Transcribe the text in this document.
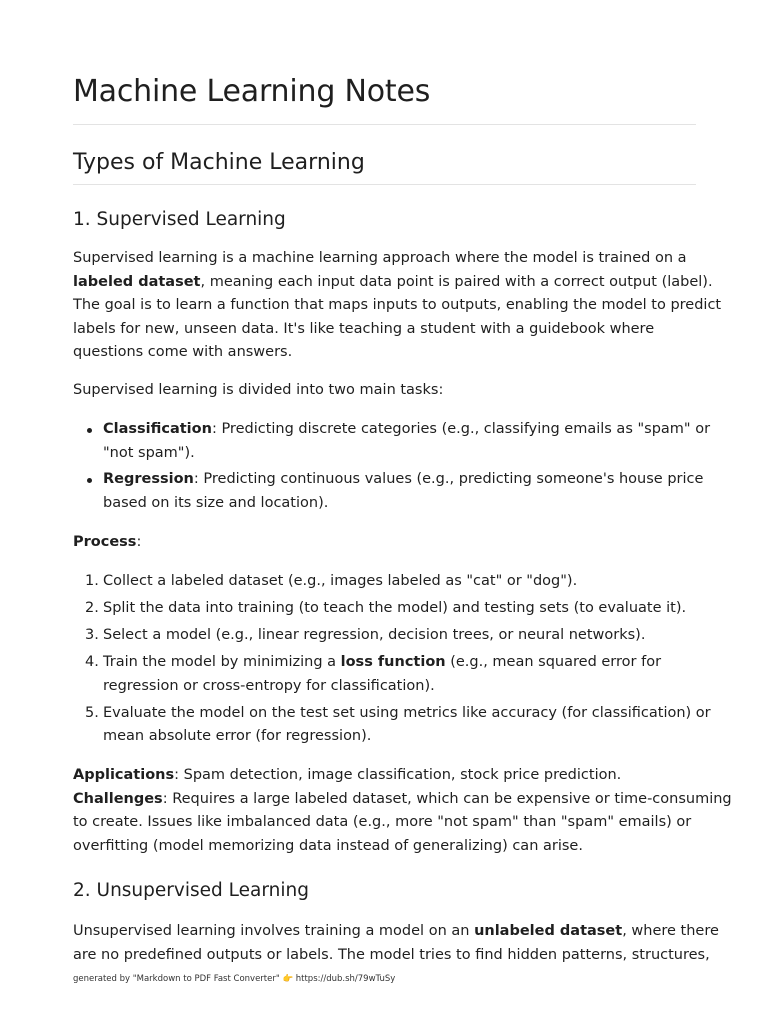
Machine Learning Notes
Types of Machine Learning
1. Supervised Learning

Supervised learning is a machine learning approach where the model is trained on a
labeled dataset, meaning each input data point is paired with a correct output (label).
The goal is to learn a function that maps inputs to outputs, enabling the model to predict
labels for new, unseen data. It's like teaching a student with a guidebook where
questions come with answers.

Supervised learning is divided into two main tasks:

Classification: Predicting discrete categories (e.g., classifying emails as "spam" or
"not spam").
Regression: Predicting continuous values (e.g., predicting someone's house price
based on its size and location).

Process:

1. Collect a labeled dataset (e.g., images labeled as "cat" or "dog").
2. Split the data into training (to teach the model) and testing sets (to evaluate it).
3. Select a model (e.g., linear regression, decision trees, or neural networks).
4. Train the model by minimizing a loss function (e.g., mean squared error for
regression or cross-entropy for classification).
5. Evaluate the model on the test set using metrics like accuracy (for classification) or
mean absolute error (for regression).

Applications: Spam detection, image classification, stock price prediction.
Challenges: Requires a large labeled dataset, which can be expensive or time-consuming
to create. Issues like imbalanced data (e.g., more "not spam" than "spam" emails) or
overfitting (model memorizing data instead of generalizing) can arise.

2. Unsupervised Learning

Unsupervised learning involves training a model on an unlabeled dataset, where there
are no predefined outputs or labels. The model tries to find hidden patterns, structures,

generated by "Markdown to PDF Fast Converter" 👉 https://dub.sh/79wTuSy
